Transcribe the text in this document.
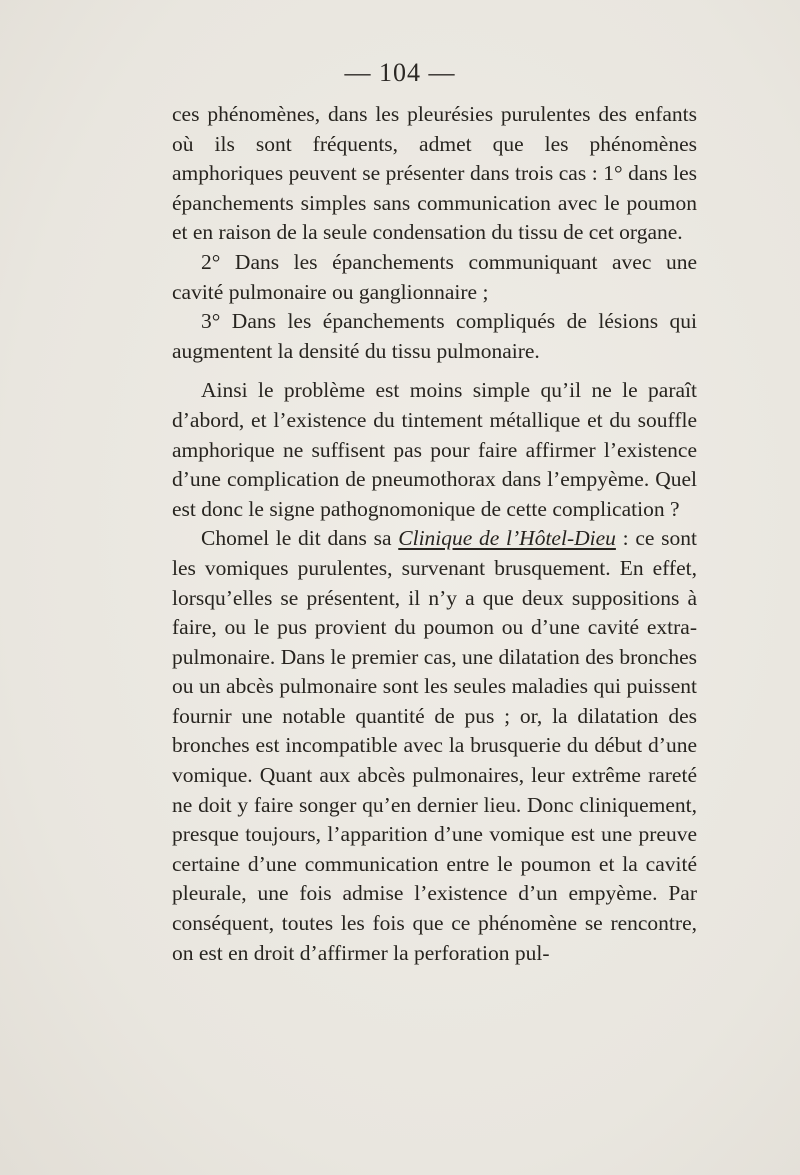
— 104 —

ces phénomènes, dans les pleurésies purulentes des enfants où ils sont fréquents, admet que les phénomènes amphoriques peuvent se présenter dans trois cas : 1° dans les épanchements simples sans communication avec le poumon et en raison de la seule condensation du tissu de cet organe.

2° Dans les épanchements communiquant avec une cavité pulmonaire ou ganglionnaire ;

3° Dans les épanchements compliqués de lésions qui augmentent la densité du tissu pulmonaire.

Ainsi le problème est moins simple qu’il ne le paraît d’abord, et l’existence du tintement métallique et du souffle amphorique ne suffisent pas pour faire affirmer l’existence d’une complication de pneumothorax dans l’empyème. Quel est donc le signe pathognomonique de cette complication ?

Chomel le dit dans sa Clinique de l’Hôtel-Dieu : ce sont les vomiques purulentes, survenant brusquement. En effet, lorsqu’elles se présentent, il n’y a que deux suppositions à faire, ou le pus provient du poumon ou d’une cavité extra-pulmonaire. Dans le premier cas, une dilatation des bronches ou un abcès pulmonaire sont les seules maladies qui puissent fournir une notable quantité de pus ; or, la dilatation des bronches est incompatible avec la brusquerie du début d’une vomique. Quant aux abcès pulmonaires, leur extrême rareté ne doit y faire songer qu’en dernier lieu. Donc cliniquement, presque toujours, l’apparition d’une vomique est une preuve certaine d’une communication entre le poumon et la cavité pleurale, une fois admise l’existence d’un empyème. Par conséquent, toutes les fois que ce phénomène se rencontre, on est en droit d’affirmer la perforation pul-
